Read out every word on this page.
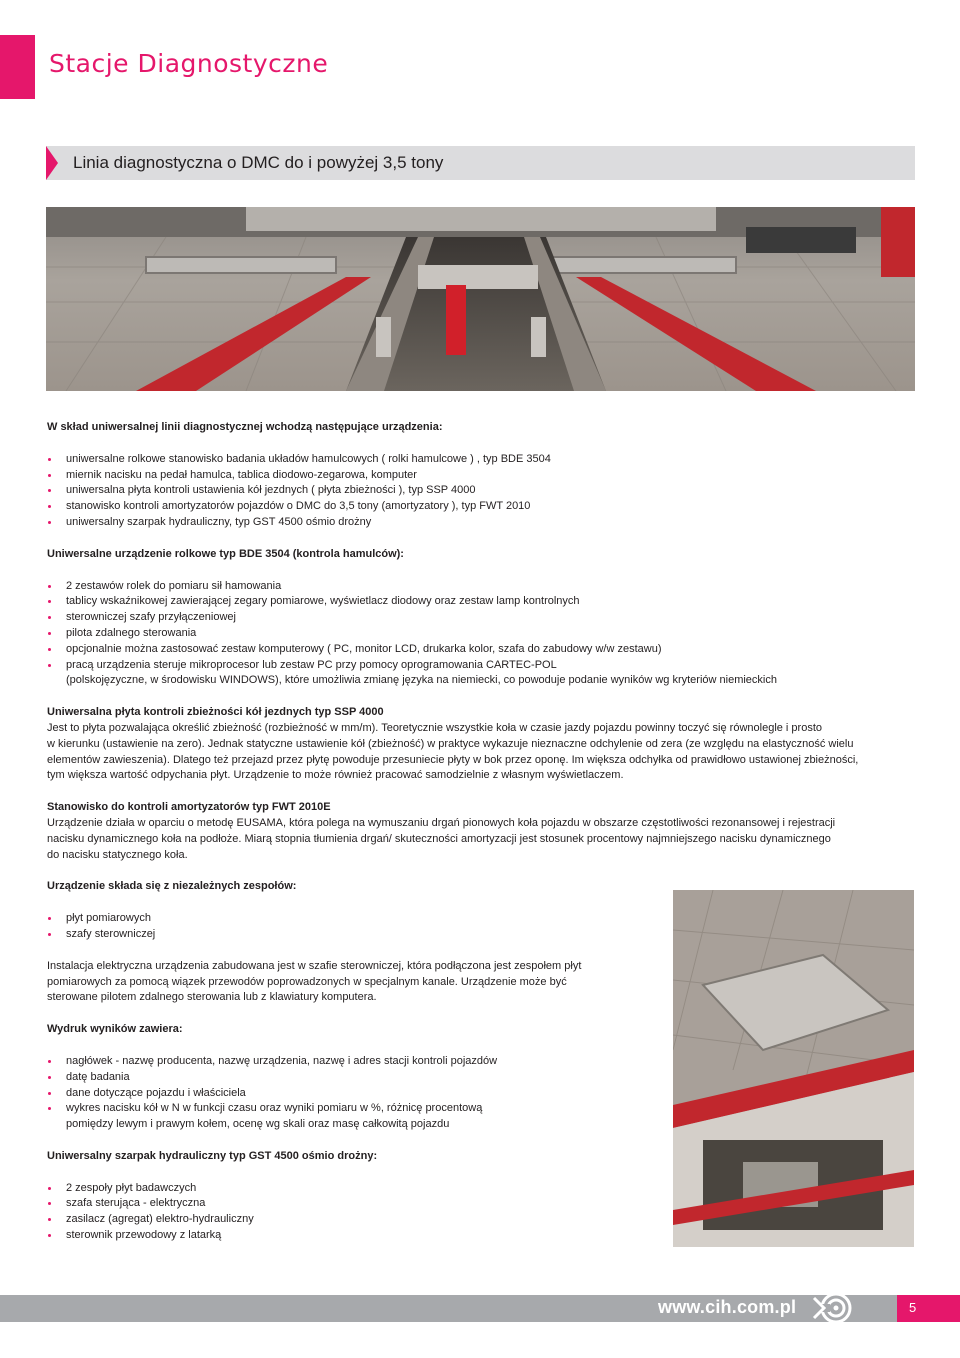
Stacje Diagnostyczne
Linia diagnostyczna o DMC do i powyżej 3,5 tony
W skład uniwersalnej linii diagnostycznej wchodzą następujące urządzenia:
uniwersalne rolkowe stanowisko badania układów hamulcowych ( rolki hamulcowe ) , typ BDE 3504
miernik nacisku na pedał hamulca, tablica diodowo-zegarowa, komputer
uniwersalna płyta kontroli ustawienia kół jezdnych ( płyta zbieżności ), typ SSP 4000
stanowisko kontroli amortyzatorów pojazdów o DMC do 3,5 tony (amortyzatory ), typ FWT 2010
uniwersalny szarpak hydrauliczny, typ GST 4500 ośmio drożny
Uniwersalne urządzenie rolkowe typ BDE 3504 (kontrola hamulców):
2 zestawów rolek do pomiaru sił hamowania
tablicy wskaźnikowej zawierającej zegary pomiarowe, wyświetlacz diodowy oraz zestaw lamp kontrolnych
sterowniczej szafy przyłączeniowej
pilota zdalnego sterowania
opcjonalnie można zastosować zestaw komputerowy ( PC, monitor LCD, drukarka kolor, szafa do zabudowy w/w zestawu)
pracą urządzenia steruje mikroprocesor lub zestaw PC przy pomocy oprogramowania CARTEC-POL
(polskojęzyczne, w środowisku WINDOWS), które umożliwia zmianę języka na niemiecki, co powoduje podanie wyników wg kryteriów niemieckich
Uniwersalna płyta kontroli zbieżności kół jezdnych typ SSP 4000

Jest to płyta pozwalająca określić zbieżność (rozbieżność w mm/m). Teoretycznie wszystkie koła w czasie jazdy pojazdu powinny toczyć się równolegle i prosto

w kierunku (ustawienie na zero). Jednak statyczne ustawienie kół (zbieżność) w praktyce wykazuje nieznaczne odchylenie od zera (ze względu na elastyczność wielu

elementów zawieszenia). Dlatego też przejazd przez płytę powoduje przesuniecie płyty w bok przez oponę. Im większa odchyłka od prawidłowo ustawionej zbieżności,

tym większa wartość odpychania płyt. Urządzenie to może również pracować samodzielnie z własnym wyświetlaczem.

Stanowisko do kontroli amortyzatorów typ FWT 2010E

Urządzenie działa w oparciu o metodę EUSAMA, która polega na wymuszaniu drgań pionowych koła pojazdu w obszarze częstotliwości rezonansowej i rejestracji

nacisku dynamicznego koła na podłoże. Miarą stopnia tłumienia drgań/ skuteczności amortyzacji jest stosunek procentowy najmniejszego nacisku dynamicznego

do nacisku statycznego koła.

Urządzenie składa się z niezależnych zespołów:
płyt pomiarowych
szafy sterowniczej

Instalacja elektryczna urządzenia zabudowana jest w szafie sterowniczej, która podłączona jest zespołem płyt

pomiarowych za pomocą wiązek przewodów poprowadzonych w specjalnym kanale. Urządzenie może być

sterowane pilotem zdalnego sterowania lub z klawiatury komputera.

Wydruk wyników zawiera:
nagłówek - nazwę producenta, nazwę urządzenia, nazwę i adres stacji kontroli pojazdów
datę badania
dane dotyczące pojazdu i właściciela
wykres nacisku kół w N w funkcji czasu oraz wyniki pomiaru w %, różnicę procentową
pomiędzy lewym i prawym kołem, ocenę wg skali oraz masę całkowitą pojazdu
Uniwersalny szarpak hydrauliczny typ GST 4500 ośmio drożny:
2 zespoły płyt badawczych
szafa sterująca - elektryczna
zasilacz (agregat) elektro-hydrauliczny
sterownik przewodowy z latarką
www.cih.com.pl	5
